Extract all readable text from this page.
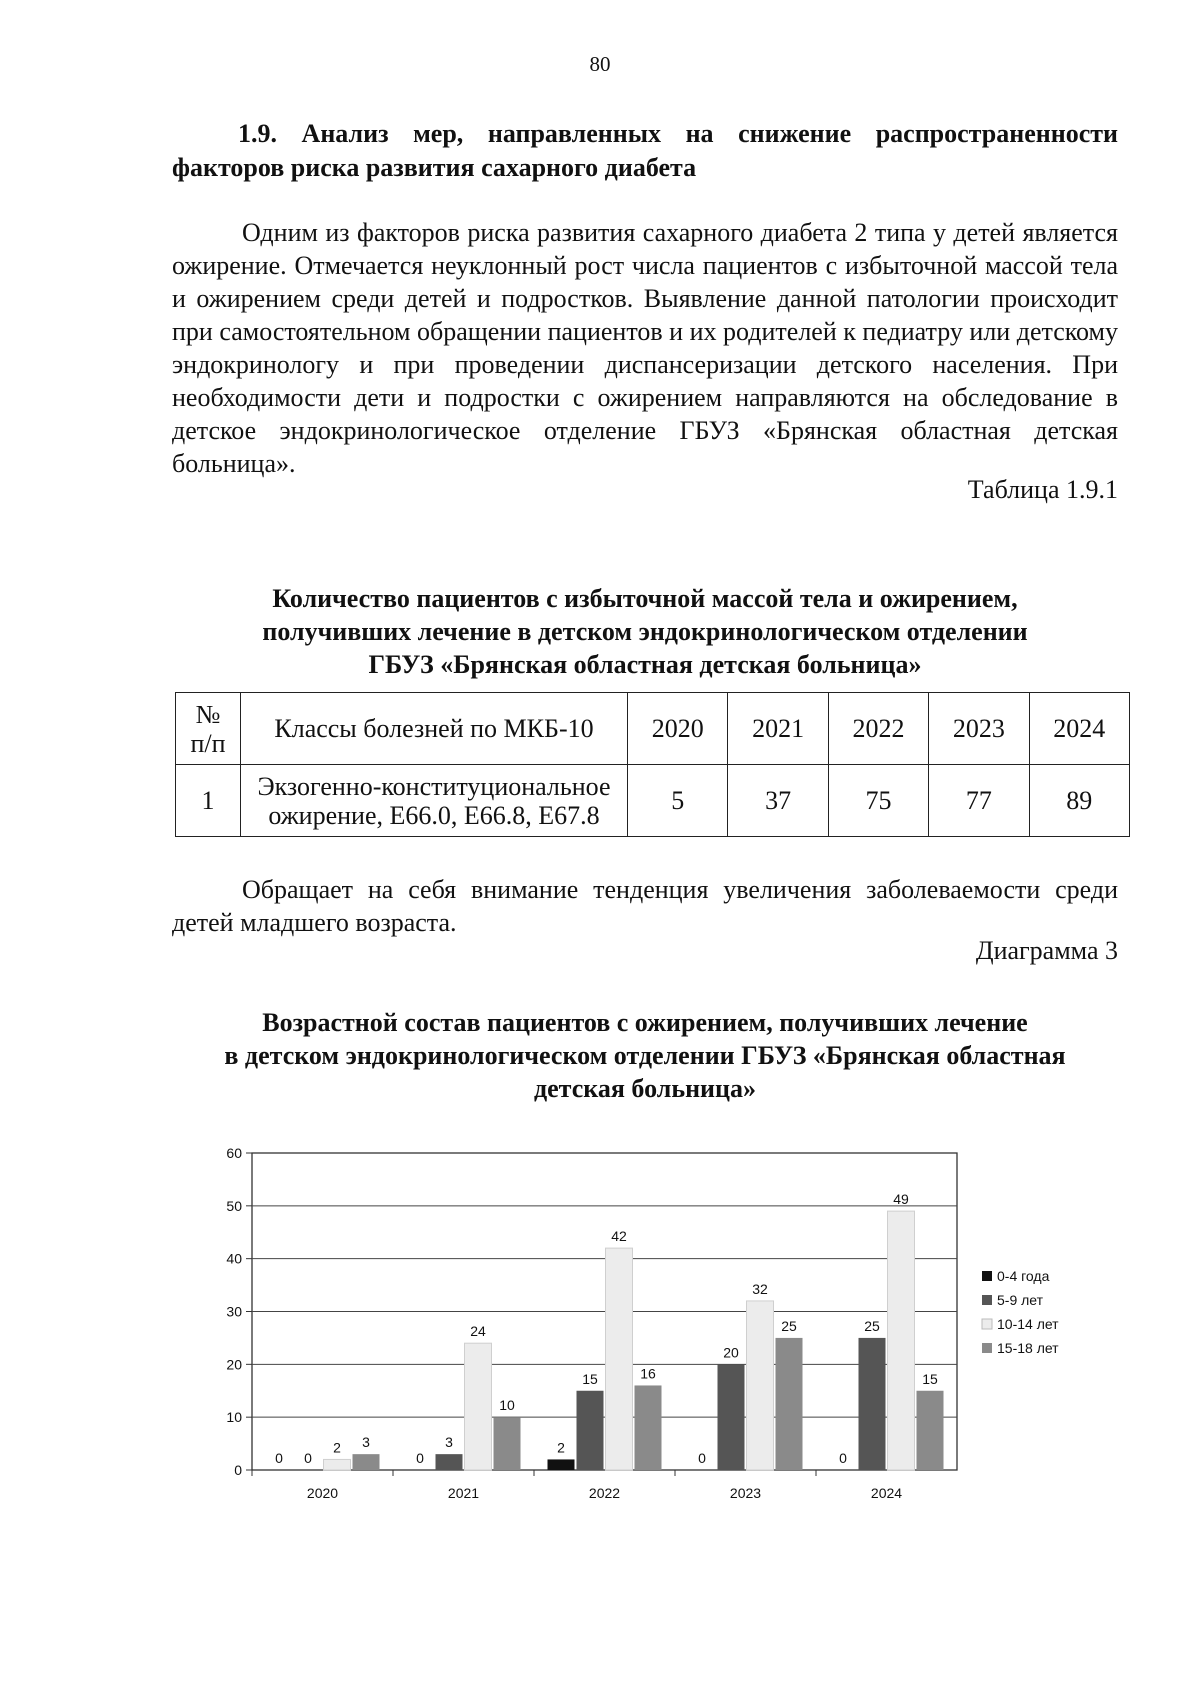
80
1.9. Анализ мер, направленных на снижение распространенности
факторов риска развития сахарного диабета

Одним из факторов риска развития сахарного диабета 2 типа у детей является ожирение. Отмечается неуклонный рост числа пациентов с избыточной массой тела и ожирением среди детей и подростков. Выявление данной патологии происходит при самостоятельном обращении пациентов и их родителей к педиатру или детскому эндокринологу и при проведении диспансеризации детского населения. При необходимости дети и подростки с ожирением направляются на обследование в детское эндокринологическое отделение ГБУЗ «Брянская областная детская больница».

Таблица 1.9.1
Количество пациентов с избыточной массой тела и ожирением,
получивших лечение в детском эндокринологическом отделении
ГБУЗ «Брянская областная детская больница»
№
п/п	Классы болезней по МКБ-10	2020	2021	2022	2023	2024
1	Экзогенно-конституциональное
ожирение, Е66.0, Е66.8, Е67.8	5	37	75	77	89

Обращает на себя внимание тенденция увеличения заболеваемости среди детей младшего возраста.

Диаграмма 3
Возрастной состав пациентов с ожирением, получивших лечение
в детском эндокринологическом отделении ГБУЗ «Брянская областная
детская больница»
0
10
20
30
40
50
60
0 0
2 3
2020
0
3
24
10
2021
2
15
42
16
2022
0
20
32
25
2023
0
25
49
15
2024
0-4 года
5-9 лет
10-14 лет
15-18 лет
